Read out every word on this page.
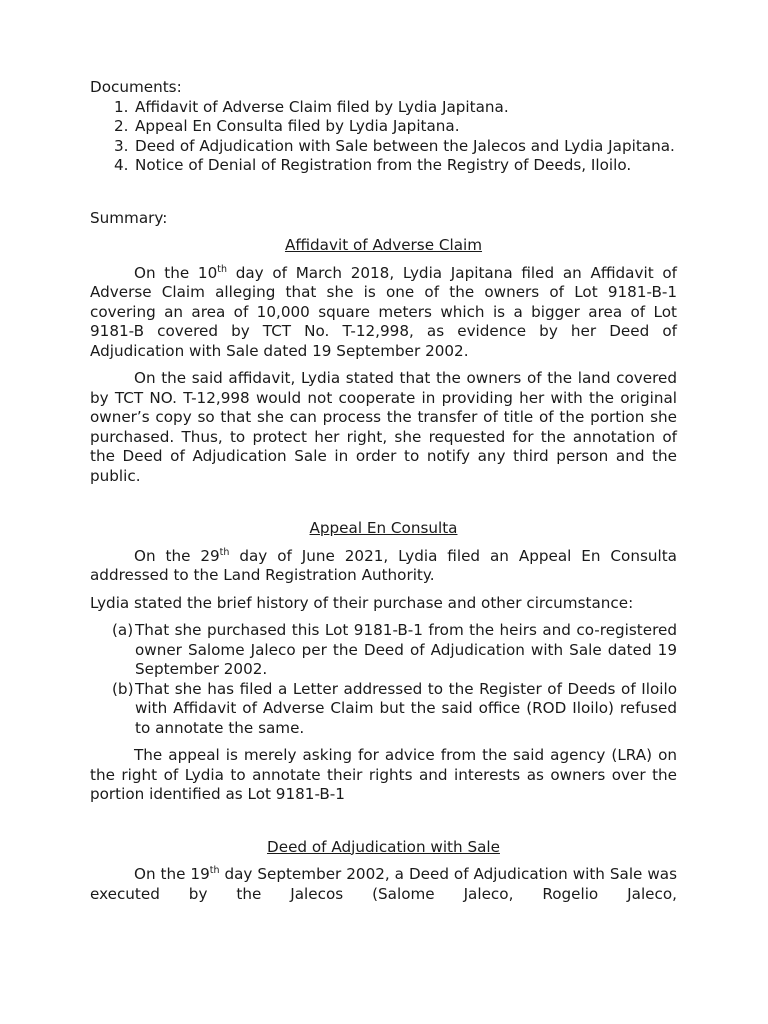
Documents:

1. Affidavit of Adverse Claim filed by Lydia Japitana.
2. Appeal En Consulta filed by Lydia Japitana.
3. Deed of Adjudication with Sale between the Jalecos and Lydia Japitana.
4. Notice of Denial of Registration from the Registry of Deeds, Iloilo.

Summary:

Affidavit of Adverse Claim

On the 10th day of March 2018, Lydia Japitana filed an Affidavit of Adverse Claim alleging that she is one of the owners of Lot 9181-B-1 covering an area of 10,000 square meters which is a bigger area of Lot 9181-B covered by TCT No. T-12,998, as evidence by her Deed of Adjudication with Sale dated 19 September 2002.

On the said affidavit, Lydia stated that the owners of the land covered by TCT NO. T-12,998 would not cooperate in providing her with the original owner’s copy so that she can process the transfer of title of the portion she purchased. Thus, to protect her right, she requested for the annotation of the Deed of Adjudication Sale in order to notify any third person and the public.

Appeal En Consulta

On the 29th day of June 2021, Lydia filed an Appeal En Consulta addressed to the Land Registration Authority.

Lydia stated the brief history of their purchase and other circumstance:

(a) That she purchased this Lot 9181-B-1 from the heirs and co-registered owner Salome Jaleco per the Deed of Adjudication with Sale dated 19 September 2002.
(b) That she has filed a Letter addressed to the Register of Deeds of Iloilo with Affidavit of Adverse Claim but the said office (ROD Iloilo) refused to annotate the same.

The appeal is merely asking for advice from the said agency (LRA) on the right of Lydia to annotate their rights and interests as owners over the portion identified as Lot 9181-B-1

Deed of Adjudication with Sale

On the 19th day September 2002, a Deed of Adjudication with Sale was executed by the Jalecos (Salome Jaleco, Rogelio Jaleco,
